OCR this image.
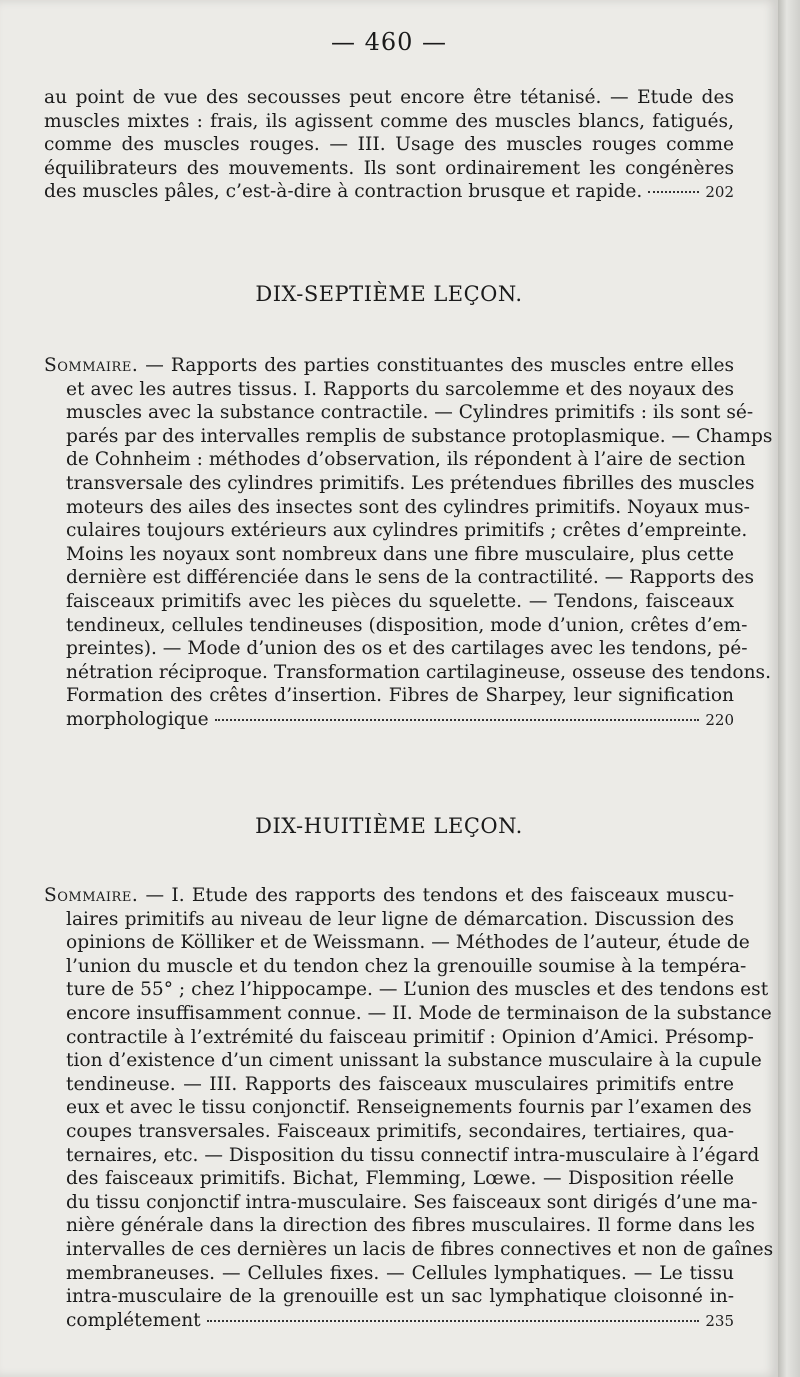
— 460 —
au point de vue des secousses peut encore être tétanisé. — Etude des
muscles mixtes : frais, ils agissent comme des muscles blancs, fatigués,
comme des muscles rouges. — III. Usage des muscles rouges comme
équilibrateurs des mouvements. Ils sont ordinairement les congénères
des muscles pâles, c’est-à-dire à contraction brusque et rapide.	202
DIX-SEPTIÈME LEÇON.
Sommaire. — Rapports des parties constituantes des muscles entre elles
et avec les autres tissus. I. Rapports du sarcolemme et des noyaux des
muscles avec la substance contractile. — Cylindres primitifs : ils sont sé-
parés par des intervalles remplis de substance protoplasmique. — Champs
de Cohnheim : méthodes d’observation, ils répondent à l’aire de section
transversale des cylindres primitifs. Les prétendues fibrilles des muscles
moteurs des ailes des insectes sont des cylindres primitifs. Noyaux mus-
culaires toujours extérieurs aux cylindres primitifs ; crêtes d’empreinte.
Moins les noyaux sont nombreux dans une fibre musculaire, plus cette
dernière est différenciée dans le sens de la contractilité. — Rapports des
faisceaux primitifs avec les pièces du squelette. — Tendons, faisceaux
tendineux, cellules tendineuses (disposition, mode d’union, crêtes d’em-
preintes). — Mode d’union des os et des cartilages avec les tendons, pé-
nétration réciproque. Transformation cartilagineuse, osseuse des tendons.
Formation des crêtes d’insertion. Fibres de Sharpey, leur signification
morphologique	220
DIX-HUITIÈME LEÇON.
Sommaire. — I. Etude des rapports des tendons et des faisceaux muscu-
laires primitifs au niveau de leur ligne de démarcation. Discussion des
opinions de Kölliker et de Weissmann. — Méthodes de l’auteur, étude de
l’union du muscle et du tendon chez la grenouille soumise à la tempéra-
ture de 55° ; chez l’hippocampe. — L’union des muscles et des tendons est
encore insuffisamment connue. — II. Mode de terminaison de la substance
contractile à l’extrémité du faisceau primitif : Opinion d’Amici. Présomp-
tion d’existence d’un ciment unissant la substance musculaire à la cupule
tendineuse. — III. Rapports des faisceaux musculaires primitifs entre
eux et avec le tissu conjonctif. Renseignements fournis par l’examen des
coupes transversales. Faisceaux primitifs, secondaires, tertiaires, qua-
ternaires, etc. — Disposition du tissu connectif intra-musculaire à l’égard
des faisceaux primitifs. Bichat, Flemming, Lœwe. — Disposition réelle
du tissu conjonctif intra-musculaire. Ses faisceaux sont dirigés d’une ma-
nière générale dans la direction des fibres musculaires. Il forme dans les
intervalles de ces dernières un lacis de fibres connectives et non de gaînes
membraneuses. — Cellules fixes. — Cellules lymphatiques. — Le tissu
intra-musculaire de la grenouille est un sac lymphatique cloisonné in-
complétement	235
